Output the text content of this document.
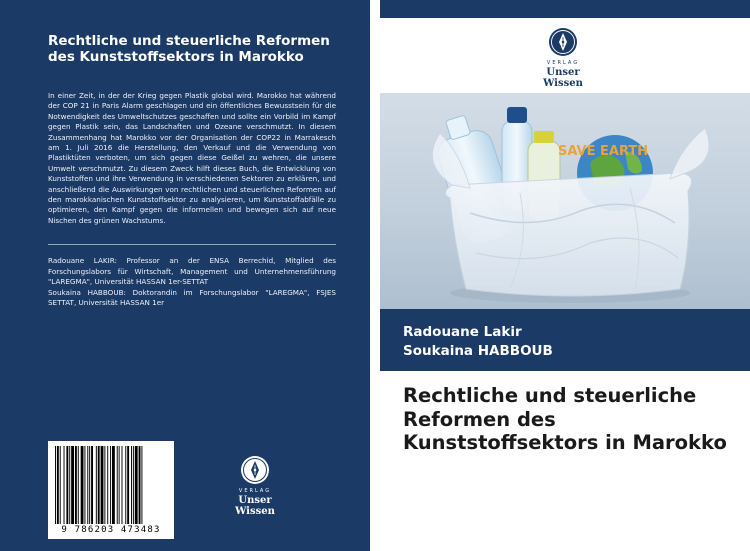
Rechtliche und steuerliche Reformen des Kunststoffsektors in Marokko
In einer Zeit, in der der Krieg gegen Plastik global wird. Marokko hat während der COP 21 in Paris Alarm geschlagen und ein öffentliches Bewusstsein für die Notwendigkeit des Umweltschutzes geschaffen und sollte ein Vorbild im Kampf gegen Plastik sein, das Landschaften und Ozeane verschmutzt. In diesem Zusammenhang hat Marokko vor der Organisation der COP22 in Marrakesch am 1. Juli 2016 die Herstellung, den Verkauf und die Verwendung von Plastiktüten verboten, um sich gegen diese Geißel zu wehren, die unsere Umwelt verschmutzt. Zu diesem Zweck hilft dieses Buch, die Entwicklung von Kunststoffen und ihre Verwendung in verschiedenen Sektoren zu erklären, und anschließend die Auswirkungen von rechtlichen und steuerlichen Reformen auf den marokkanischen Kunststoffsektor zu analysieren, um Kunststoffabfälle zu optimieren, den Kampf gegen die informellen und bewegen sich auf neue Nischen des grünen Wachstums.

Radouane LAKIR: Professor an der ENSA Berrechid, Mitglied des Forschungslabors für Wirtschaft, Management und Unternehmensführung "LAREGMA", Universität HASSAN 1er-SETTAT

Soukaina HABBOUB: Doktorandin im Forschungslabor "LAREGMA", FSJES SETTAT, Universität HASSAN 1er

9 786203 473483
VERLAG
Unser Wissen
VERLAG
Unser Wissen
SAVE EARTH
Radouane Lakir
Soukaina HABBOUB
Rechtliche und steuerliche Reformen des Kunststoffsektors in Marokko
